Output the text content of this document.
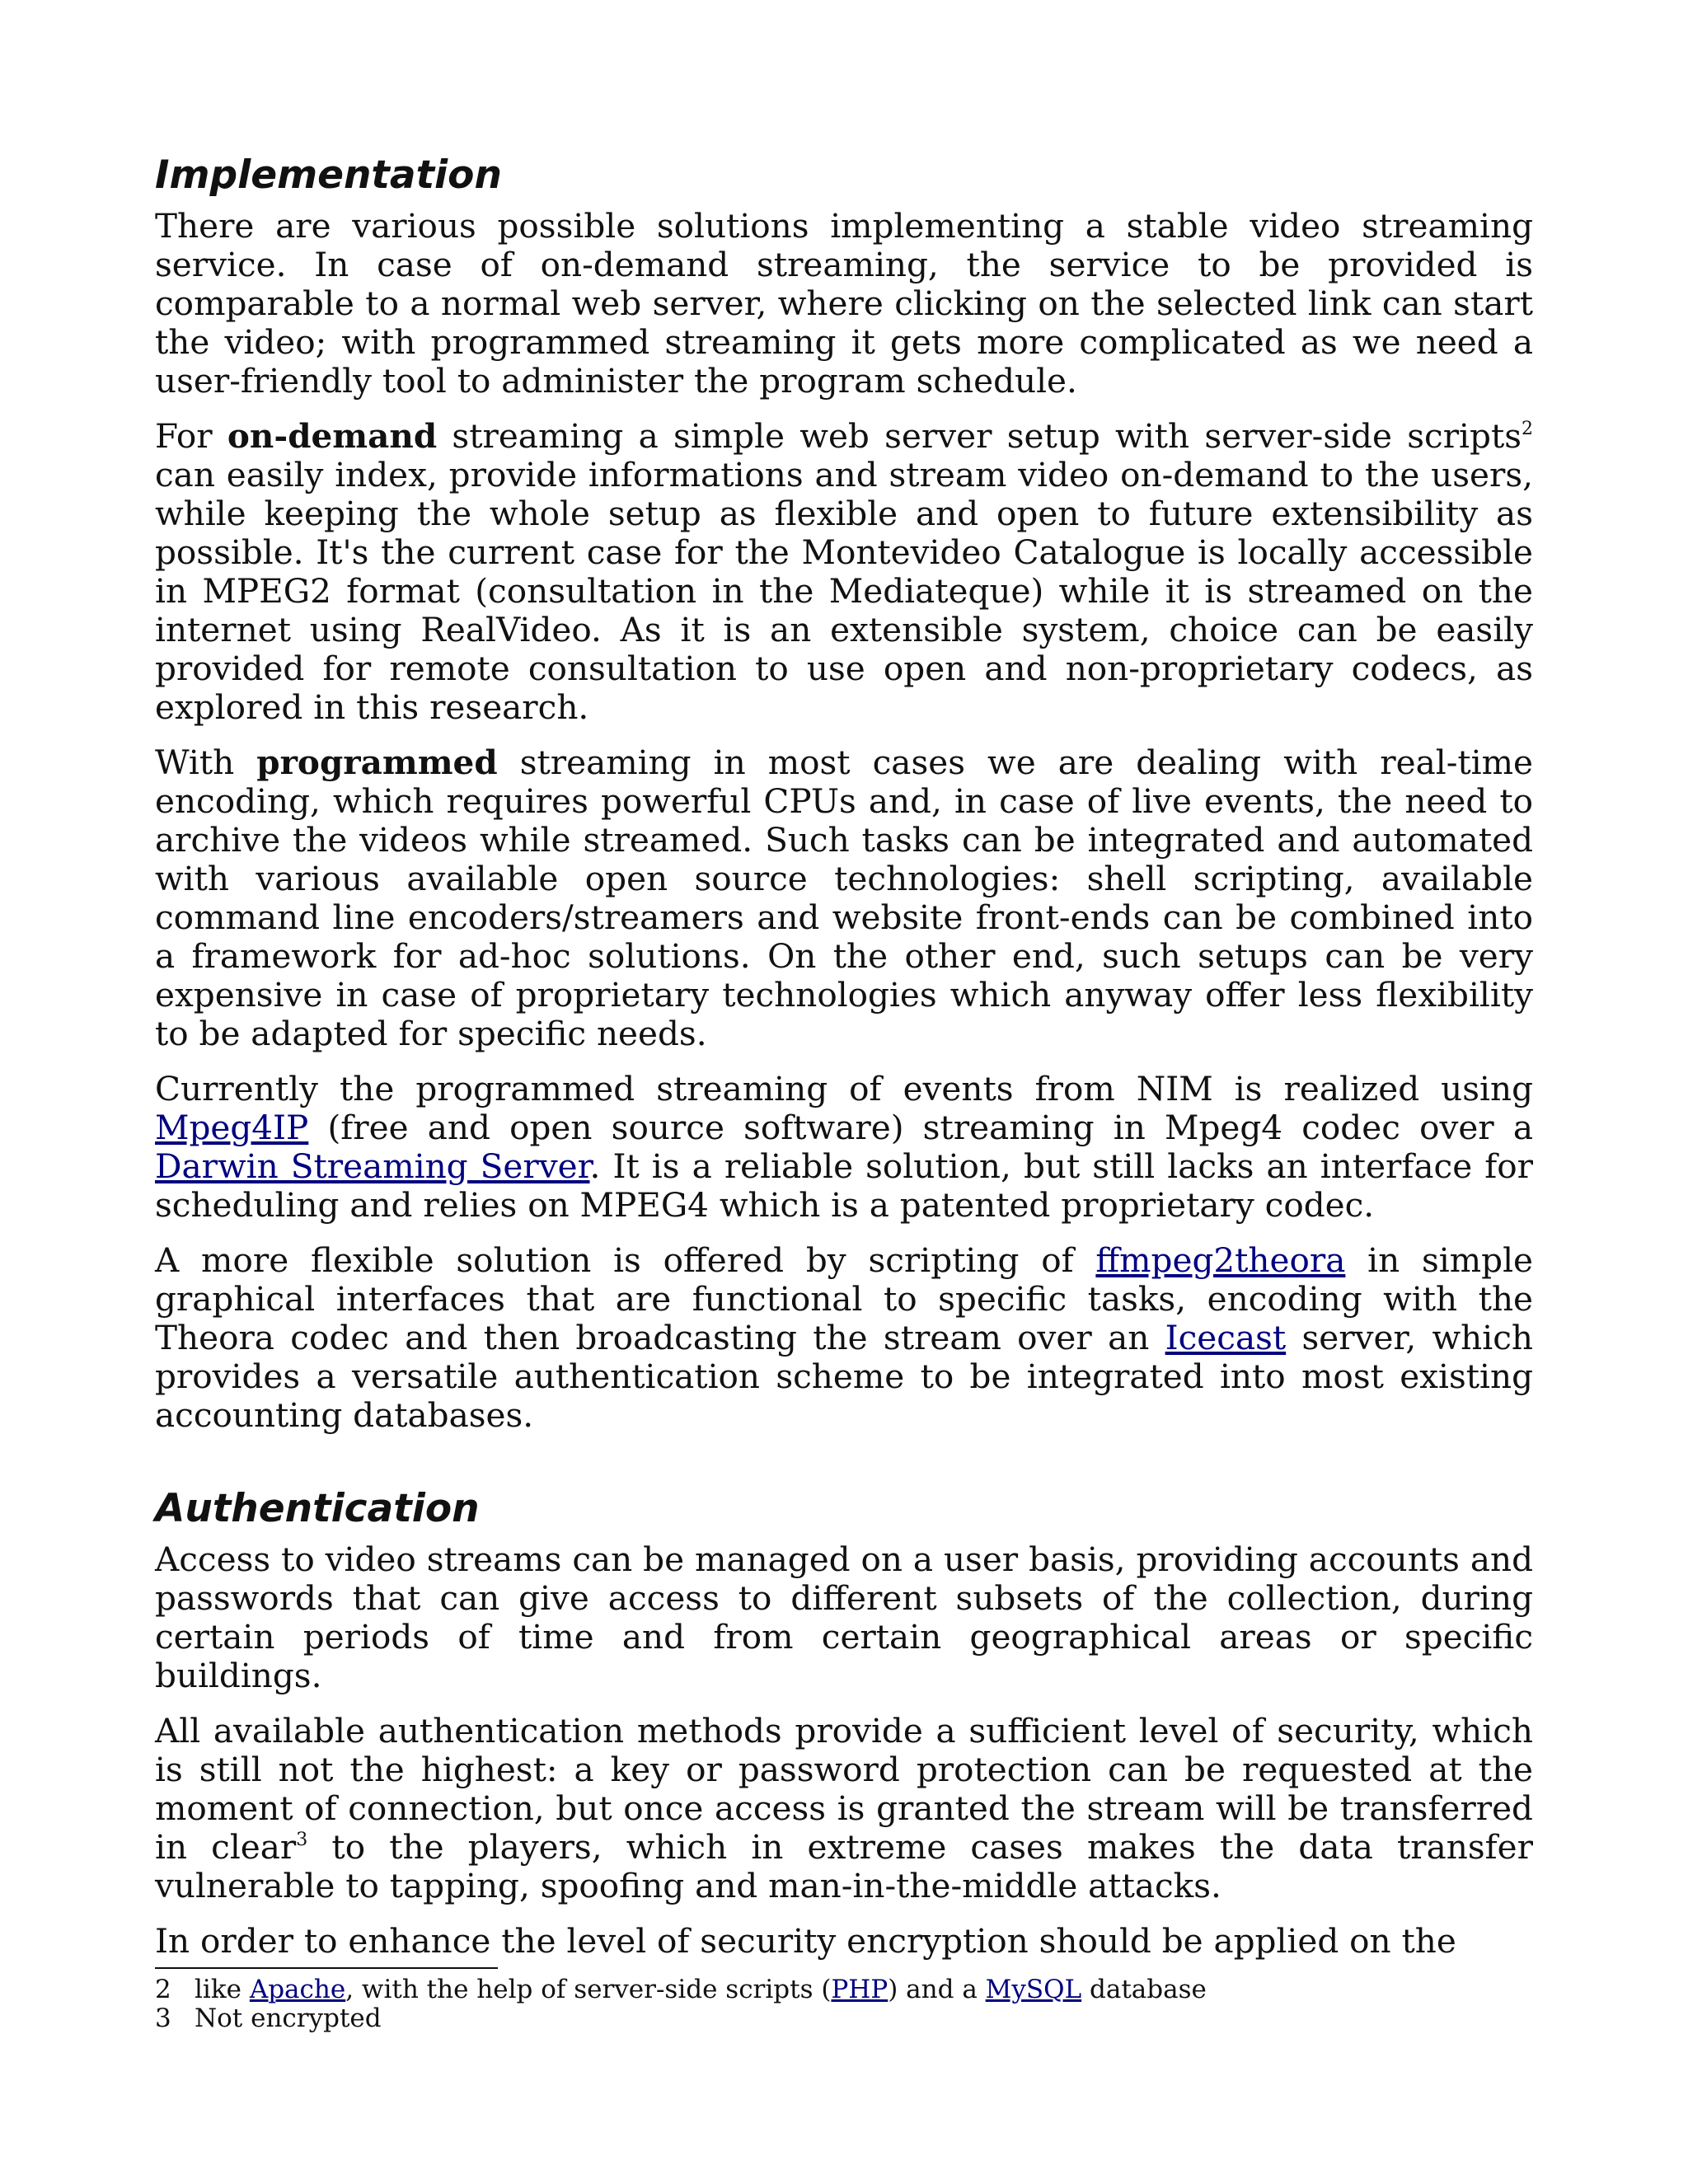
Implementation

There are various possible solutions implementing a stable video streaming service. In case of on-demand streaming, the service to be provided is comparable to a normal web server, where clicking on the selected link can start the video; with programmed streaming it gets more complicated as we need a user-friendly tool to administer the program schedule.

For on-demand streaming a simple web server setup with server-side scripts$^2$ can easily index, provide informations and stream video on-demand to the users, while keeping the whole setup as flexible and open to future extensibility as possible. It's the current case for the Montevideo Catalogue is locally accessible in MPEG2 format (consultation in the Mediateque) while it is streamed on the internet using RealVideo. As it is an extensible system, choice can be easily provided for remote consultation to use open and non-proprietary codecs, as explored in this research.

With programmed streaming in most cases we are dealing with real-time encoding, which requires powerful CPUs and, in case of live events, the need to archive the videos while streamed. Such tasks can be integrated and automated with various available open source technologies: shell scripting, available command line encoders/streamers and website front-ends can be combined into a framework for ad-hoc solutions. On the other end, such setups can be very expensive in case of proprietary technologies which anyway offer less flexibility to be adapted for specific needs.

Currently the programmed streaming of events from NIM is realized using Mpeg4IP (free and open source software) streaming in Mpeg4 codec over a Darwin Streaming Server. It is a reliable solution, but still lacks an interface for scheduling and relies on MPEG4 which is a patented proprietary codec.

A more flexible solution is offered by scripting of ffmpeg2theora in simple graphical interfaces that are functional to specific tasks, encoding with the Theora codec and then broadcasting the stream over an Icecast server, which provides a versatile authentication scheme to be integrated into most existing accounting databases.

Authentication

Access to video streams can be managed on a user basis, providing accounts and passwords that can give access to different subsets of the collection, during certain periods of time and from certain geographical areas or specific buildings.

All available authentication methods provide a sufficient level of security, which is still not the highest: a key or password protection can be requested at the moment of connection, but once access is granted the stream will be transferred in clear$^3$ to the players, which in extreme cases makes the data transfer vulnerable to tapping, spoofing and man-in-the-middle attacks.

In order to enhance the level of security encryption should be applied on the

2 like Apache, with the help of server-side scripts (PHP) and a MySQL database
3 Not encrypted
